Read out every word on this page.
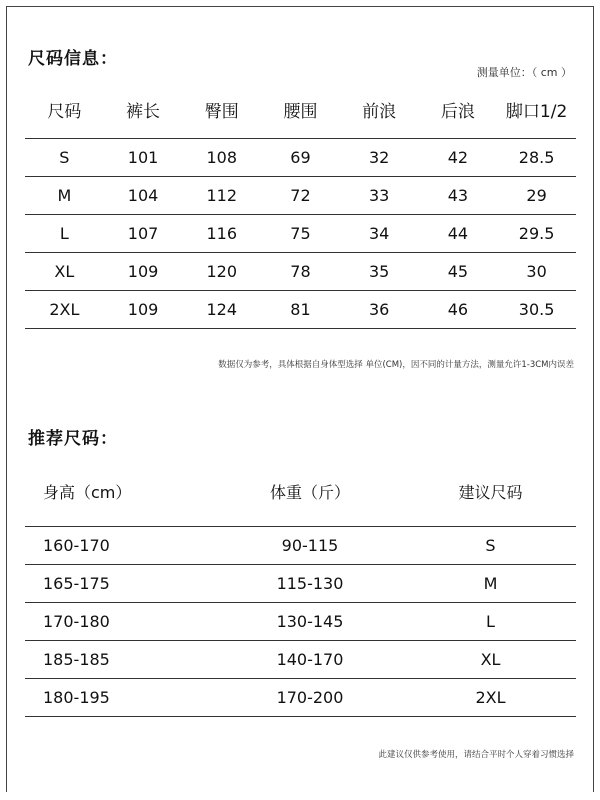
尺码信息：
测量单位：（ cm ）
尺码	裤长	臀围	腰围	前浪	后浪	脚口1/2
S	101	108	69	32	42	28.5
M	104	112	72	33	43	29
L	107	116	75	34	44	29.5
XL	109	120	78	35	45	30
2XL	109	124	81	36	46	30.5
数据仅为参考，具体根据自身体型选择 单位(CM)，因不同的计量方法，测量允许1-3CM内误差
推荐尺码：
身高（cm）	体重（斤）	建议尺码
160-170	90-115	S
165-175	115-130	M
170-180	130-145	L
185-185	140-170	XL
180-195	170-200	2XL
此建议仅供参考使用，请结合平时个人穿着习惯选择
